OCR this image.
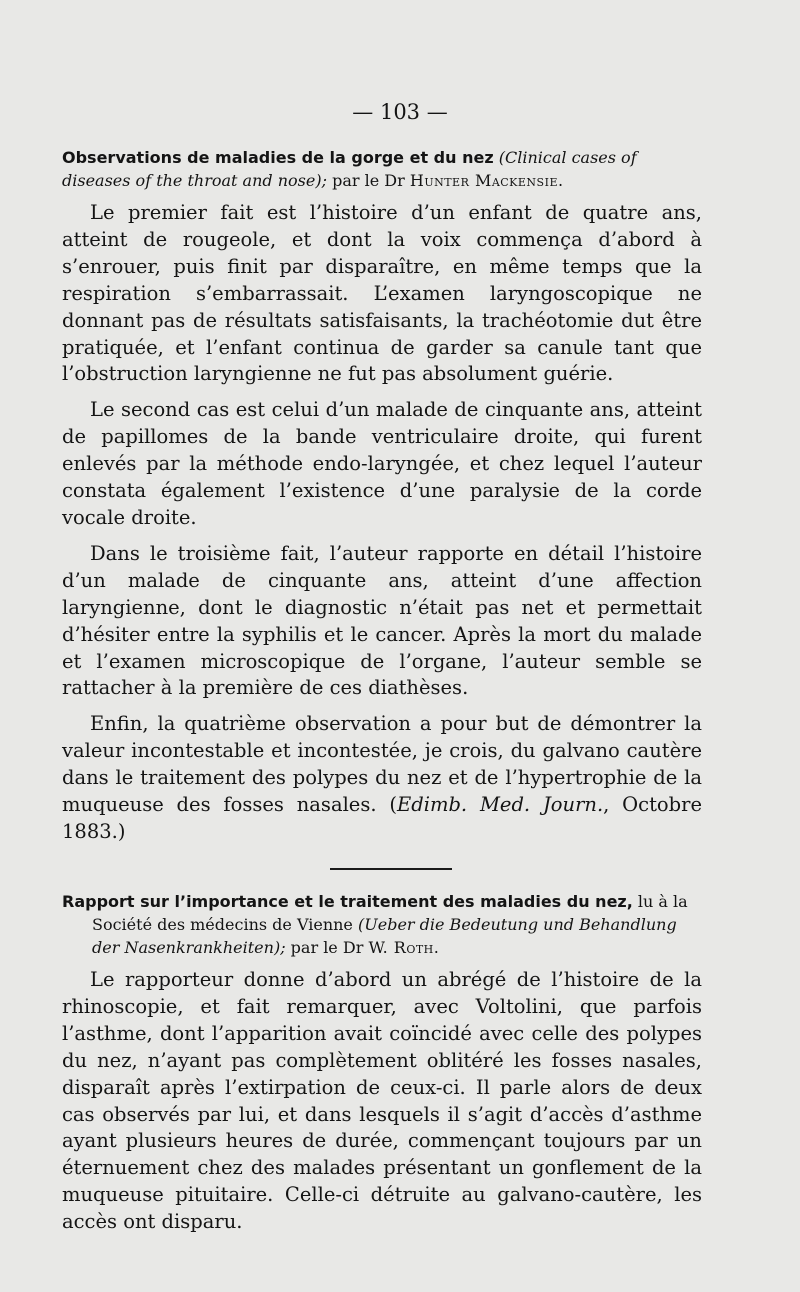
— 103 —

Observations de maladies de la gorge et du nez (Clinical cases of diseases of the throat and nose); par le Dr Hunter Mackensie.

Le premier fait est l’histoire d’un enfant de quatre ans, atteint de rougeole, et dont la voix commença d’abord à s’enrouer, puis finit par disparaître, en même temps que la respiration s’embarrassait. L’examen laryngoscopique ne donnant pas de résultats satisfaisants, la trachéotomie dut être pratiquée, et l’enfant continua de garder sa canule tant que l’obstruction laryngienne ne fut pas absolument guérie.

Le second cas est celui d’un malade de cinquante ans, atteint de papillomes de la bande ventriculaire droite, qui furent enlevés par la méthode endo-laryngée, et chez lequel l’auteur constata également l’existence d’une paralysie de la corde vocale droite.

Dans le troisième fait, l’auteur rapporte en détail l’histoire d’un malade de cinquante ans, atteint d’une affection laryngienne, dont le diagnostic n’était pas net et permettait d’hésiter entre la syphilis et le cancer. Après la mort du malade et l’examen microscopique de l’organe, l’auteur semble se rattacher à la première de ces diathèses.

Enfin, la quatrième observation a pour but de démontrer la valeur incontestable et incontestée, je crois, du galvano cautère dans le traitement des polypes du nez et de l’hypertrophie de la muqueuse des fosses nasales. (Edimb. Med. Journ., Octobre 1883.)

Rapport sur l’importance et le traitement des maladies du nez, lu à la Société des médecins de Vienne (Ueber die Bedeutung und Behandlung der Nasenkrankheiten); par le Dr W. Roth.

Le rapporteur donne d’abord un abrégé de l’histoire de la rhinoscopie, et fait remarquer, avec Voltolini, que parfois l’asthme, dont l’apparition avait coïncidé avec celle des polypes du nez, n’ayant pas complètement oblitéré les fosses nasales, disparaît après l’extirpation de ceux-ci. Il parle alors de deux cas observés par lui, et dans lesquels il s’agit d’accès d’asthme ayant plusieurs heures de durée, commençant toujours par un éternuement chez des malades présentant un gonflement de la muqueuse pituitaire. Celle-ci détruite au galvano-cautère, les accès ont disparu.
